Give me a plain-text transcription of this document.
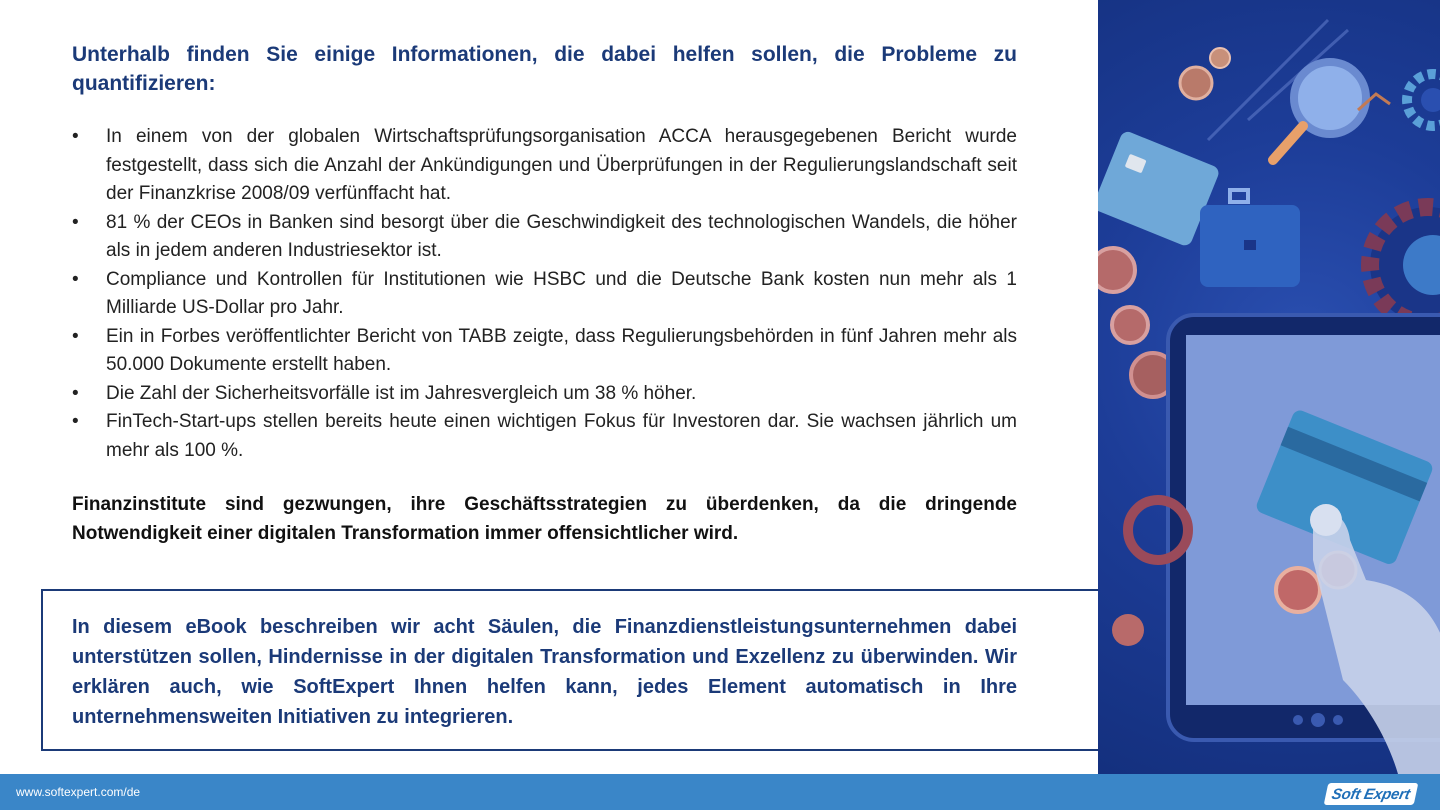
Unterhalb finden Sie einige Informationen, die dabei helfen sollen, die Probleme zu quantifizieren:
• In einem von der globalen Wirtschaftsprüfungsorganisation ACCA herausgegebenen Bericht wurde festgestellt, dass sich die Anzahl der Ankündigungen und Überprüfungen in der Regulierungslandschaft seit der Finanzkrise 2008/09 verfünffacht hat.
• 81 % der CEOs in Banken sind besorgt über die Geschwindigkeit des technologischen Wandels, die höher als in jedem anderen Industriesektor ist.
• Compliance und Kontrollen für Institutionen wie HSBC und die Deutsche Bank kosten nun mehr als 1 Milliarde US-Dollar pro Jahr.
• Ein in Forbes veröffentlichter Bericht von TABB zeigte, dass Regulierungsbehörden in fünf Jahren mehr als 50.000 Dokumente erstellt haben.
• Die Zahl der Sicherheitsvorfälle ist im Jahresvergleich um 38 % höher.
• FinTech-Start-ups stellen bereits heute einen wichtigen Fokus für Investoren dar. Sie wachsen jährlich um mehr als 100 %.

Finanzinstitute sind gezwungen, ihre Geschäftsstrategien zu überdenken, da die dringende Notwendigkeit einer digitalen Transformation immer offensichtlicher wird.

In diesem eBook beschreiben wir acht Säulen, die Finanzdienstleistungsunternehmen dabei unterstützen sollen, Hindernisse in der digitalen Transformation und Exzellenz zu überwinden. Wir erklären auch, wie SoftExpert Ihnen helfen kann, jedes Element automatisch in Ihre unternehmensweiten Initiativen zu integrieren.

www.softexpert.com/de	Soft Expert
